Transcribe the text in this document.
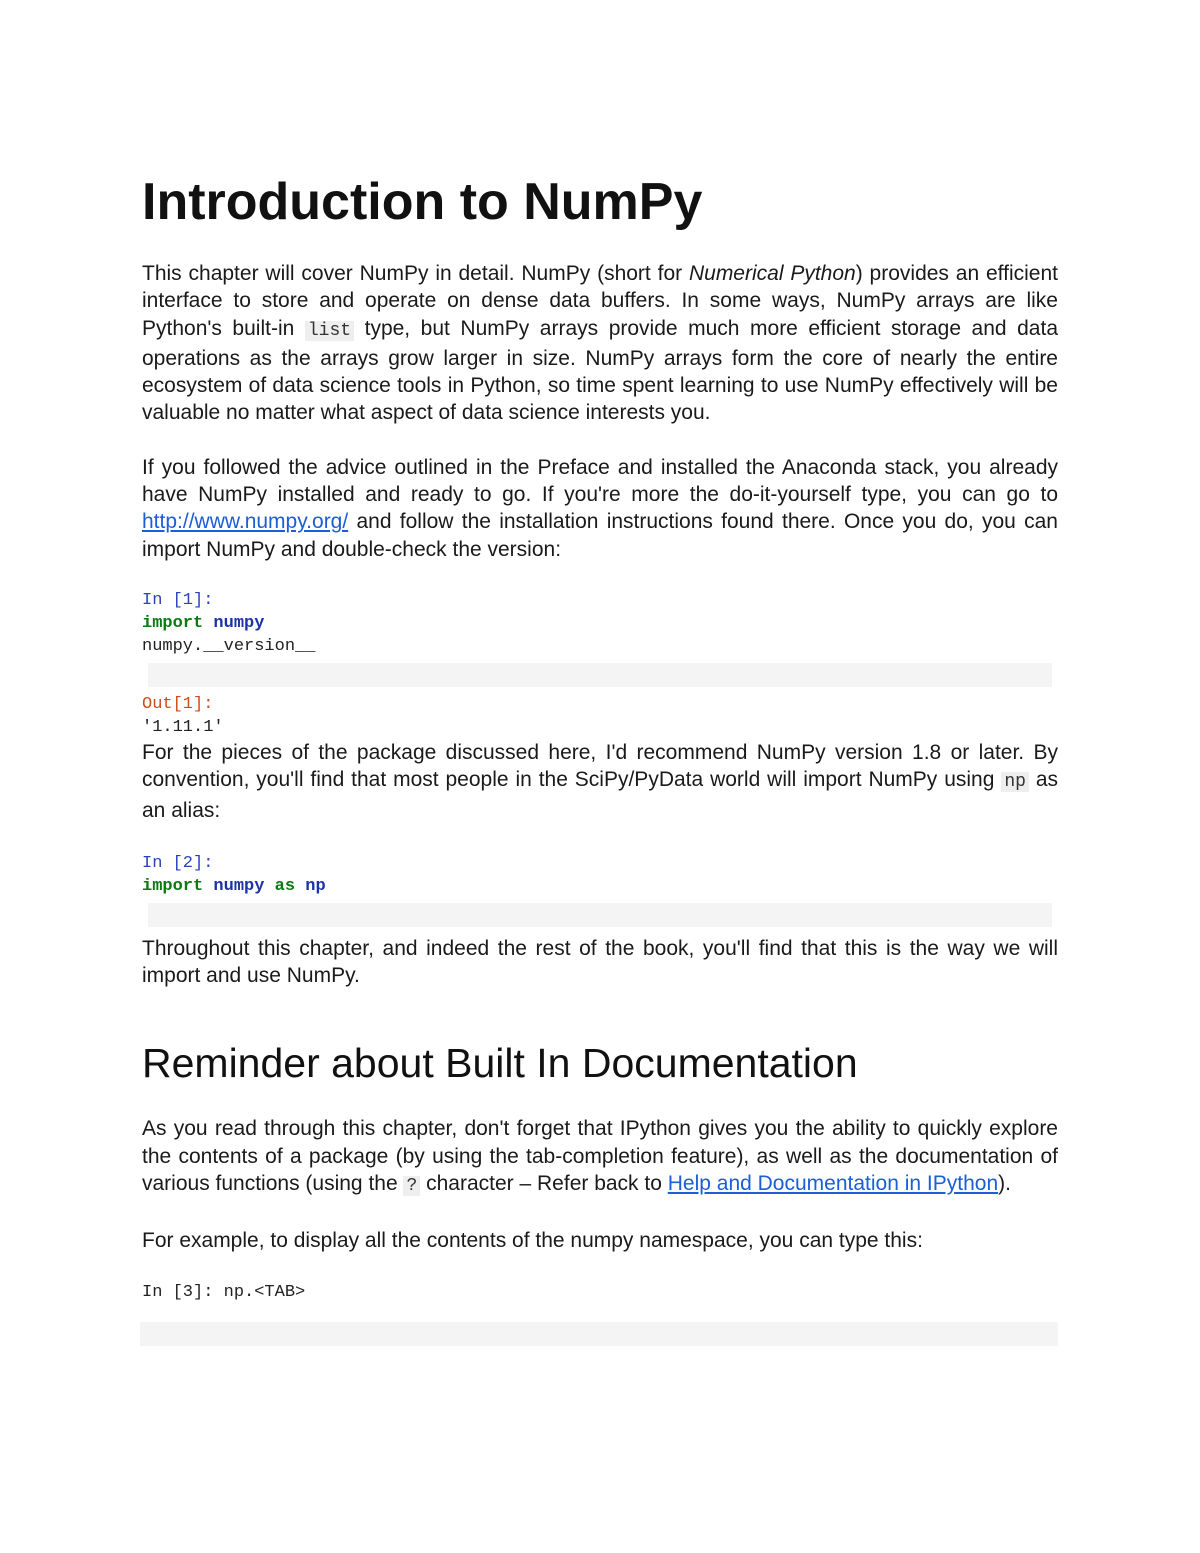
Introduction to NumPy

This chapter will cover NumPy in detail. NumPy (short for Numerical Python) provides an efficient interface to store and operate on dense data buffers. In some ways, NumPy arrays are like Python's built-in list type, but NumPy arrays provide much more efficient storage and data operations as the arrays grow larger in size. NumPy arrays form the core of nearly the entire ecosystem of data science tools in Python, so time spent learning to use NumPy effectively will be valuable no matter what aspect of data science interests you.

If you followed the advice outlined in the Preface and installed the Anaconda stack, you already have NumPy installed and ready to go. If you're more the do-it-yourself type, you can go to http://www.numpy.org/ and follow the installation instructions found there. Once you do, you can import NumPy and double-check the version:

In [1]:
import numpy
numpy.__version__
Out[1]:
'1.11.1'

For the pieces of the package discussed here, I'd recommend NumPy version 1.8 or later. By convention, you'll find that most people in the SciPy/PyData world will import NumPy using np as an alias:

In [2]:
import numpy as np

Throughout this chapter, and indeed the rest of the book, you'll find that this is the way we will import and use NumPy.

Reminder about Built In Documentation

As you read through this chapter, don't forget that IPython gives you the ability to quickly explore the contents of a package (by using the tab-completion feature), as well as the documentation of various functions (using the ? character – Refer back to Help and Documentation in IPython).

For example, to display all the contents of the numpy namespace, you can type this:

In [3]: np.<TAB>
